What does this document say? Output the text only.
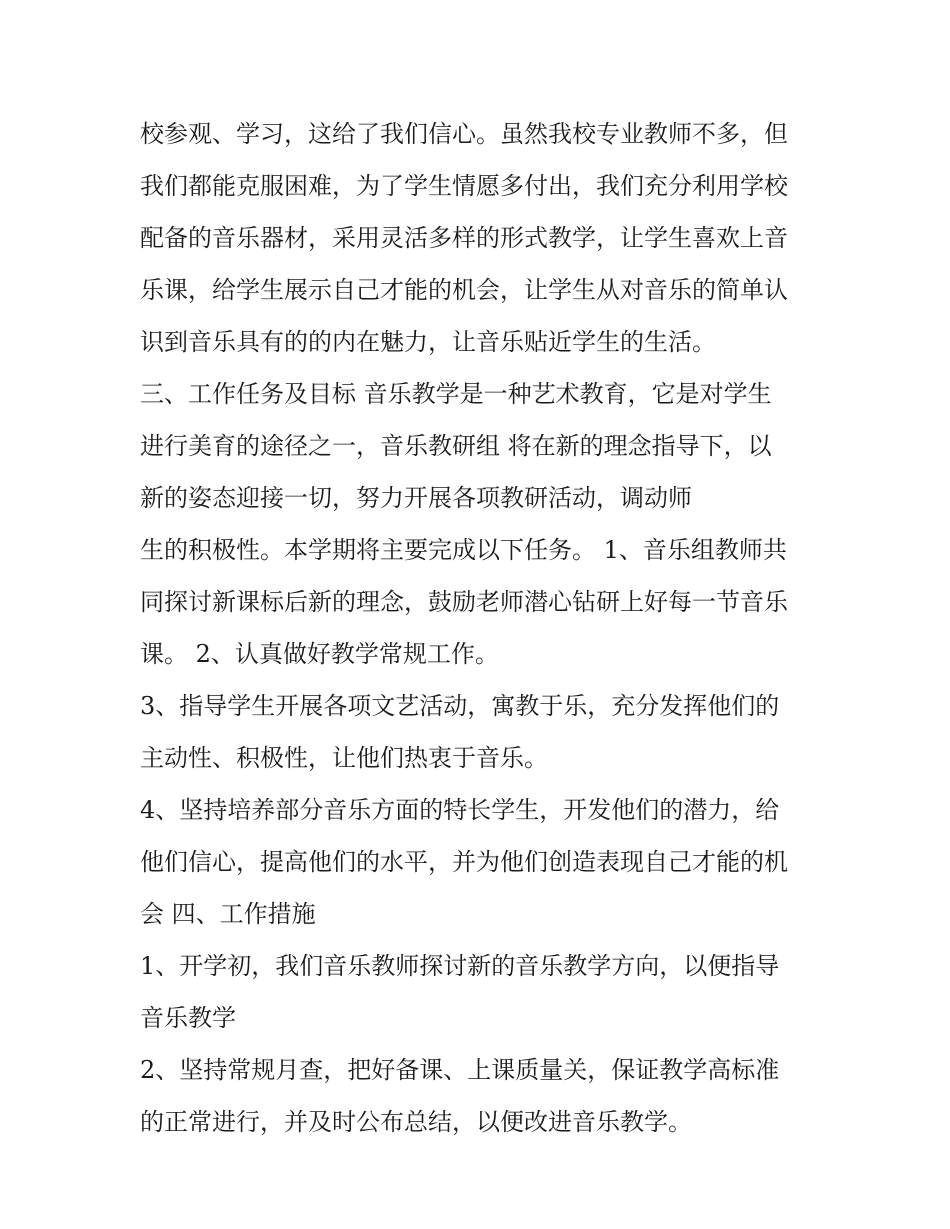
校参观、学习，这给了我们信心。虽然我校专业教师不多，但
我们都能克服困难，为了学生情愿多付出，我们充分利用学校
配备的音乐器材，采用灵活多样的形式教学，让学生喜欢上音
乐课，给学生展示自己才能的机会，让学生从对音乐的简单认
识到音乐具有的的内在魅力，让音乐贴近学生的生活。
三、工作任务及目标 音乐教学是一种艺术教育，它是对学生
进行美育的途径之一，音乐教研组 将在新的理念指导下，以
新的姿态迎接一切，努力开展各项教研活动，调动师
生的积极性。本学期将主要完成以下任务。 1、音乐组教师共
同探讨新课标后新的理念，鼓励老师潜心钻研上好每一节音乐
课。 2、认真做好教学常规工作。
3、指导学生开展各项文艺活动，寓教于乐，充分发挥他们的
主动性、积极性，让他们热衷于音乐。
4、坚持培养部分音乐方面的特长学生，开发他们的潜力，给
他们信心，提高他们的水平，并为他们创造表现自己才能的机
会 四、工作措施
1、开学初，我们音乐教师探讨新的音乐教学方向，以便指导
音乐教学
2、坚持常规月查，把好备课、上课质量关，保证教学高标准
的正常进行，并及时公布总结，以便改进音乐教学。
